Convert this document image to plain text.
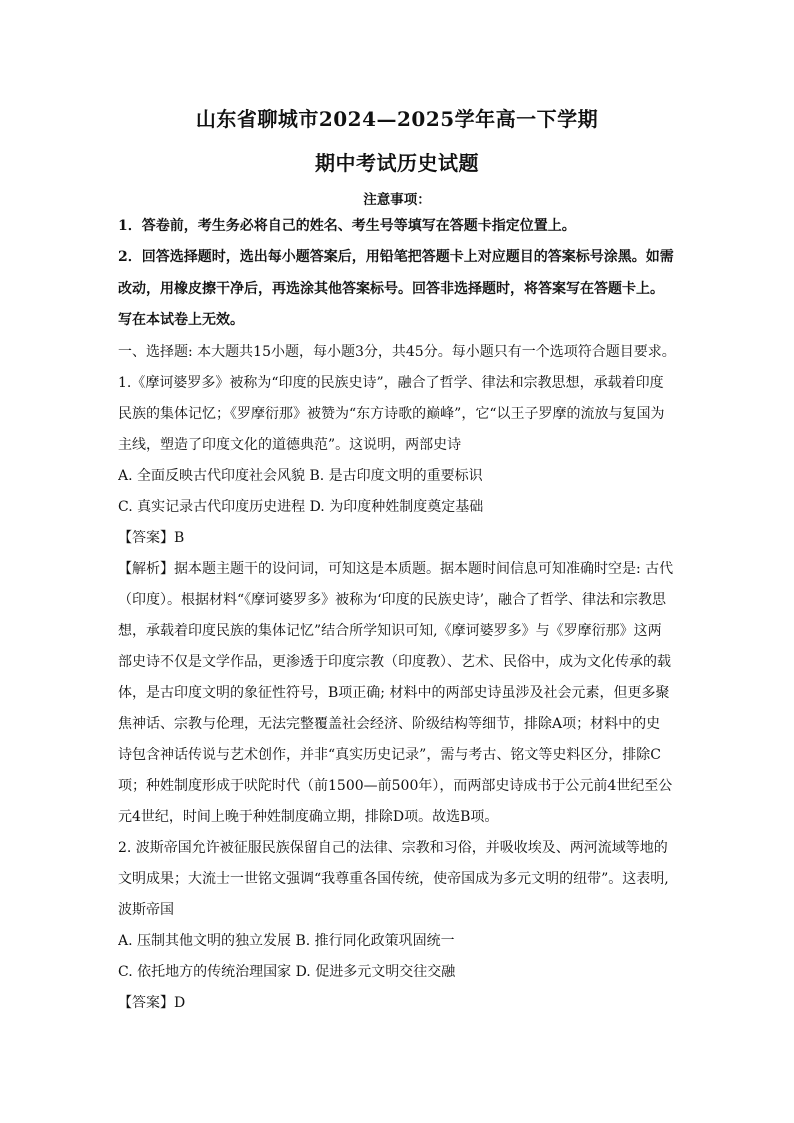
山东省聊城市2024—2025学年高一下学期
期中考试历史试题
注意事项：
1．答卷前，考生务必将自己的姓名、考生号等填写在答题卡指定位置上。
2．回答选择题时，选出每小题答案后，用铅笔把答题卡上对应题目的答案标号涂黑。如需
改动，用橡皮擦干净后，再选涂其他答案标号。回答非选择题时，将答案写在答题卡上。
写在本试卷上无效。
一、选择题: 本大题共15小题，每小题3分，共45分。每小题只有一个选项符合题目要求。
1.《摩诃婆罗多》被称为“印度的民族史诗”，融合了哲学、律法和宗教思想，承载着印度
民族的集体记忆；《罗摩衍那》被赞为“东方诗歌的巅峰”，它“以王子罗摩的流放与复国为
主线，塑造了印度文化的道德典范”。这说明，两部史诗
A. 全面反映古代印度社会风貌 B. 是古印度文明的重要标识
C. 真实记录古代印度历史进程 D. 为印度种姓制度奠定基础
【答案】B
【解析】据本题主题干的设问词，可知这是本质题。据本题时间信息可知准确时空是: 古代
（印度）。根据材料“《摩诃婆罗多》被称为‘印度的民族史诗’，融合了哲学、律法和宗教思
想，承载着印度民族的集体记忆”结合所学知识可知,《摩诃婆罗多》与《罗摩衍那》这两
部史诗不仅是文学作品，更渗透于印度宗教（印度教）、艺术、民俗中，成为文化传承的载
体，是古印度文明的象征性符号，B项正确; 材料中的两部史诗虽涉及社会元素，但更多聚
焦神话、宗教与伦理，无法完整覆盖社会经济、阶级结构等细节，排除A项；材料中的史
诗包含神话传说与艺术创作，并非“真实历史记录”，需与考古、铭文等史料区分，排除C
项；种姓制度形成于吠陀时代（前1500—前500年），而两部史诗成书于公元前4世纪至公
元4世纪，时间上晚于种姓制度确立期，排除D项。故选B项。
2. 波斯帝国允许被征服民族保留自己的法律、宗教和习俗，并吸收埃及、两河流域等地的
文明成果；大流士一世铭文强调“我尊重各国传统，使帝国成为多元文明的纽带”。这表明,
波斯帝国
A. 压制其他文明的独立发展 B. 推行同化政策巩固统一
C. 依托地方的传统治理国家 D. 促进多元文明交往交融
【答案】D
